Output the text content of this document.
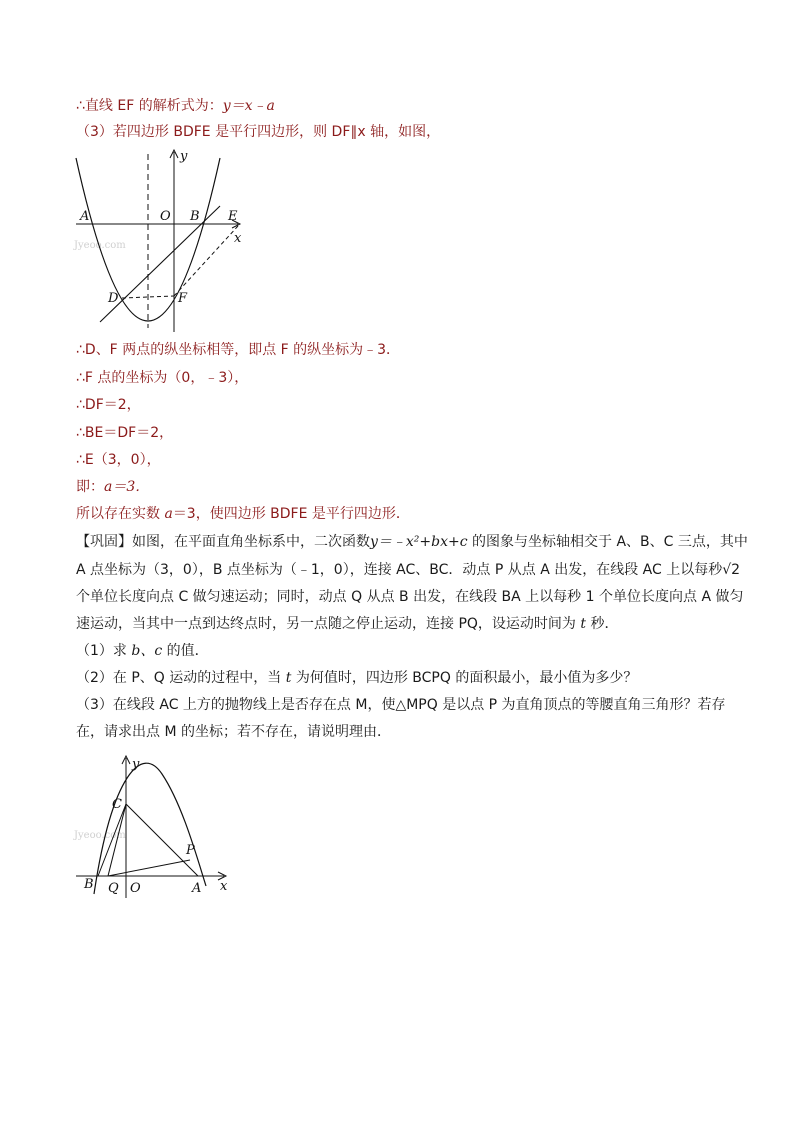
∴直线 EF 的解析式为：y＝x﹣a
（3）若四边形 BDFE 是平行四边形，则 DF∥x 轴，如图，
Jyeoo.com
y
x
A	O B E
D	F
∴D、F 两点的纵坐标相等，即点 F 的纵坐标为﹣3．
∴F 点的坐标为（0，﹣3），
∴DF＝2，
∴BE＝DF＝2，
∴E（3，0），
即：a＝3．
所以存在实数 a＝3，使四边形 BDFE 是平行四边形．
【巩固】如图，在平面直角坐标系中，二次函数y＝﹣x²+bx+c 的图象与坐标轴相交于 A、B、C 三点，其中
A 点坐标为（3，0），B 点坐标为（﹣1，0），连接 AC、BC．动点 P 从点 A 出发，在线段 AC 上以每秒√2
个单位长度向点 C 做匀速运动；同时，动点 Q 从点 B 出发，在线段 BA 上以每秒 1 个单位长度向点 A 做匀
速运动，当其中一点到达终点时，另一点随之停止运动，连接 PQ，设运动时间为 t 秒．
（1）求 b、c 的值．
（2）在 P、Q 运动的过程中，当 t 为何值时，四边形 BCPQ 的面积最小，最小值为多少？
（3）在线段 AC 上方的抛物线上是否存在点 M，使△MPQ 是以点 P 为直角顶点的等腰直角三角形？若存
在，请求出点 M 的坐标；若不存在，请说明理由．
Jyeoo.com
y
x
C
P
B Q O	A
